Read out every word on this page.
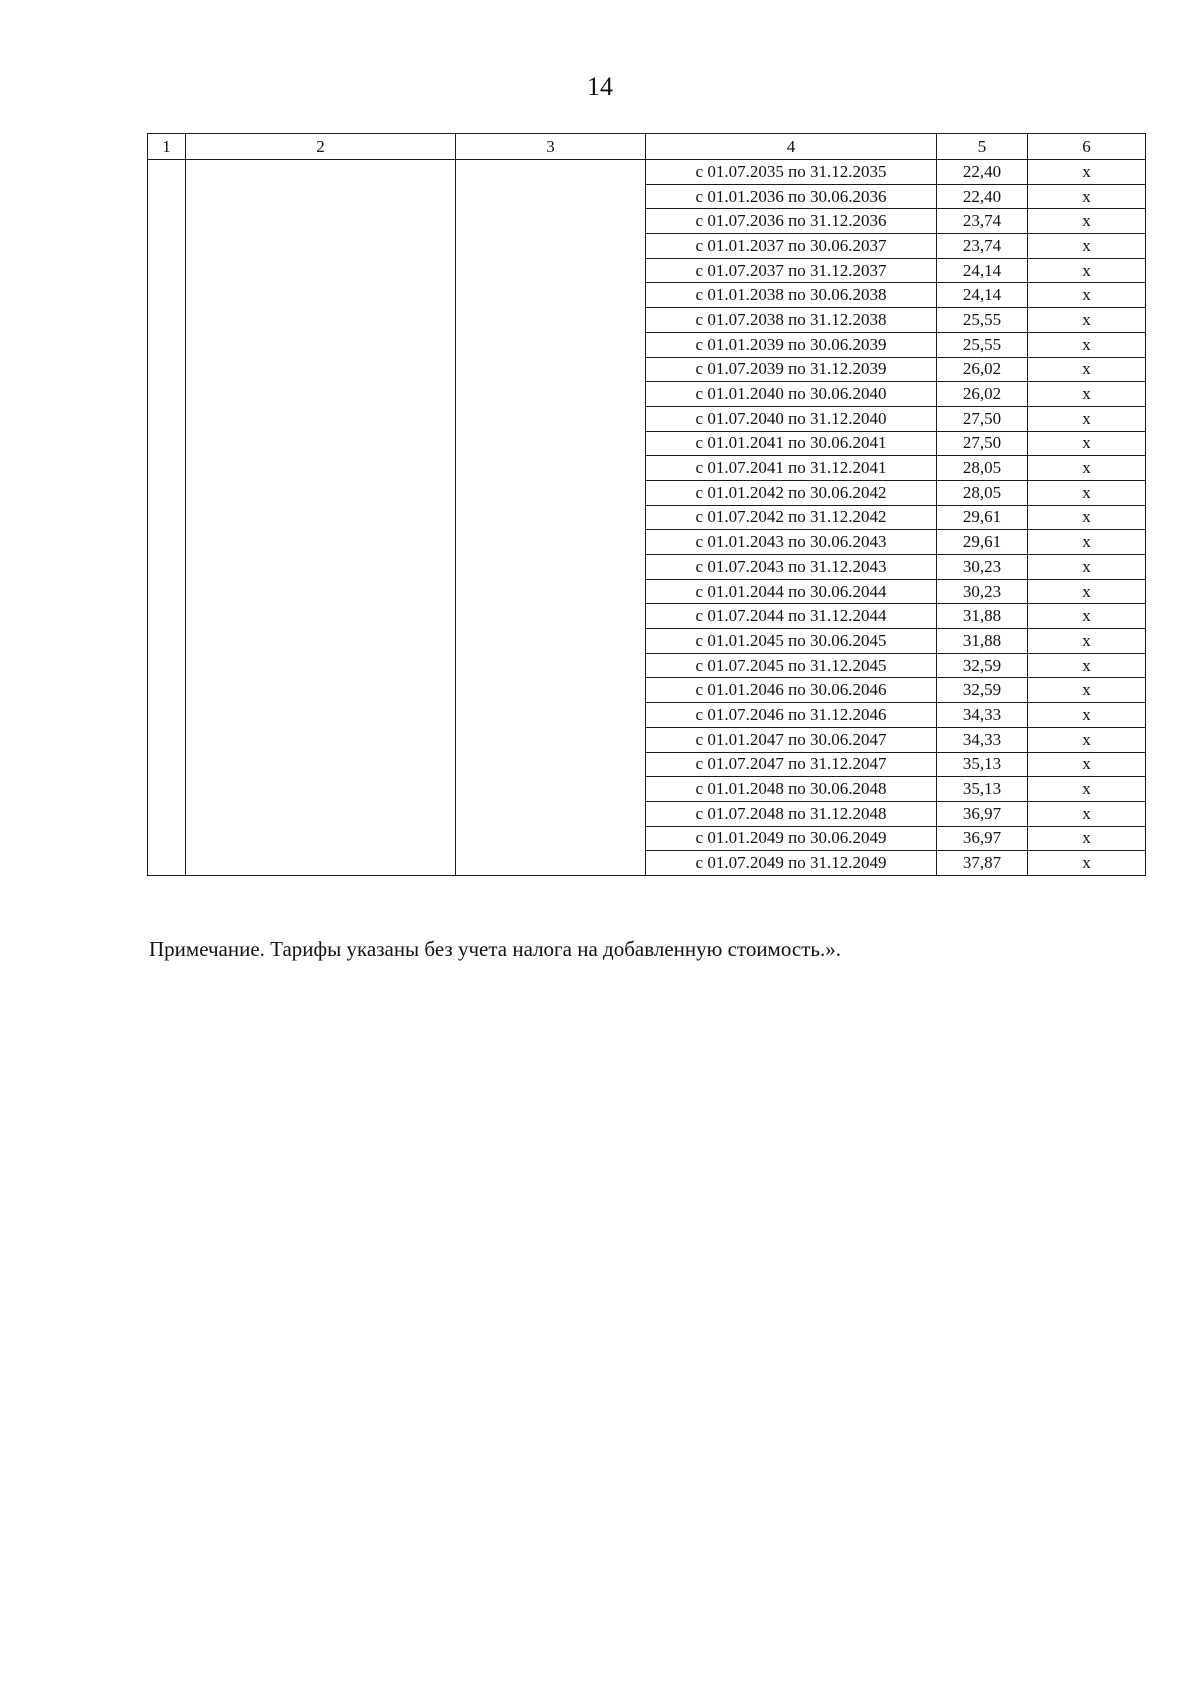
14
1	2	3	4	5	6
			с 01.07.2035 по 31.12.2035	22,40	х
			с 01.01.2036 по 30.06.2036	22,40	х
			с 01.07.2036 по 31.12.2036	23,74	х
			с 01.01.2037 по 30.06.2037	23,74	х
			с 01.07.2037 по 31.12.2037	24,14	х
			с 01.01.2038 по 30.06.2038	24,14	х
			с 01.07.2038 по 31.12.2038	25,55	х
			с 01.01.2039 по 30.06.2039	25,55	х
			с 01.07.2039 по 31.12.2039	26,02	х
			с 01.01.2040 по 30.06.2040	26,02	х
			с 01.07.2040 по 31.12.2040	27,50	х
			с 01.01.2041 по 30.06.2041	27,50	х
			с 01.07.2041 по 31.12.2041	28,05	х
			с 01.01.2042 по 30.06.2042	28,05	х
			с 01.07.2042 по 31.12.2042	29,61	х
			с 01.01.2043 по 30.06.2043	29,61	х
			с 01.07.2043 по 31.12.2043	30,23	х
			с 01.01.2044 по 30.06.2044	30,23	х
			с 01.07.2044 по 31.12.2044	31,88	х
			с 01.01.2045 по 30.06.2045	31,88	х
			с 01.07.2045 по 31.12.2045	32,59	х
			с 01.01.2046 по 30.06.2046	32,59	х
			с 01.07.2046 по 31.12.2046	34,33	х
			с 01.01.2047 по 30.06.2047	34,33	х
			с 01.07.2047 по 31.12.2047	35,13	х
			с 01.01.2048 по 30.06.2048	35,13	х
			с 01.07.2048 по 31.12.2048	36,97	х
			с 01.01.2049 по 30.06.2049	36,97	х
			с 01.07.2049 по 31.12.2049	37,87	х
Примечание. Тарифы указаны без учета налога на добавленную стоимость.».
